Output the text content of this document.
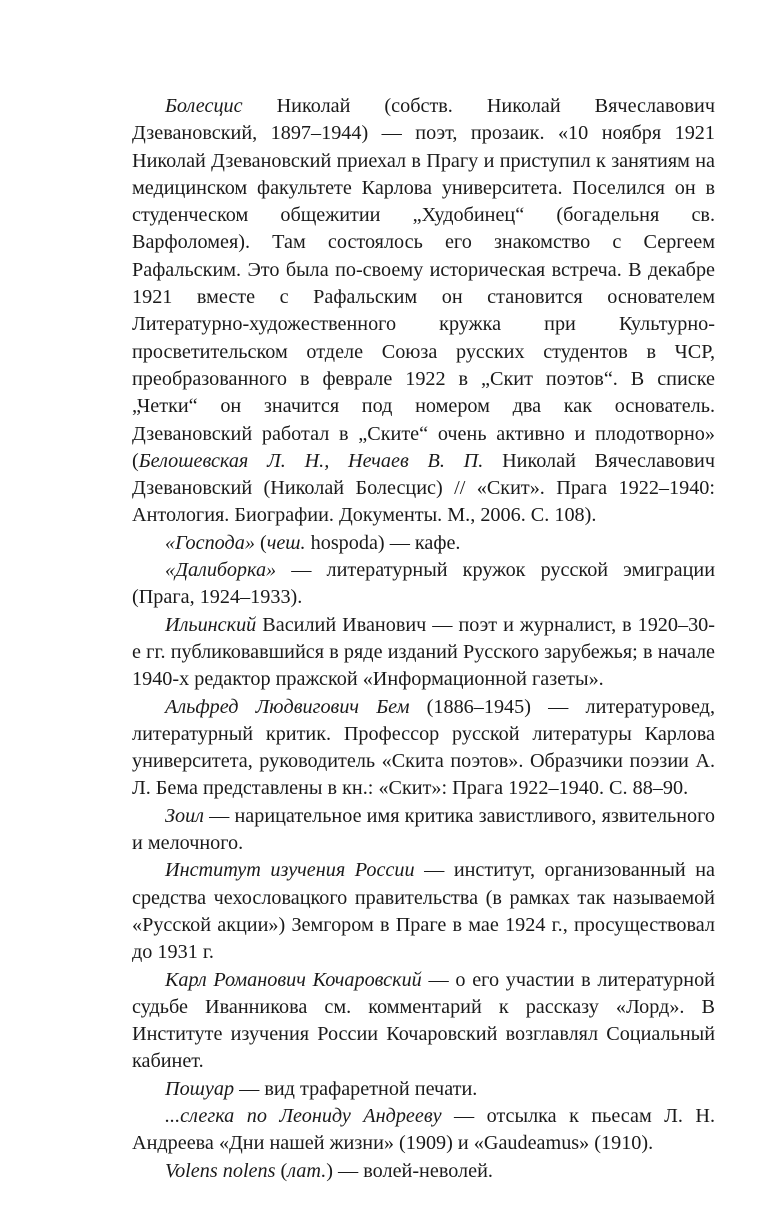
Болесцис Николай (собств. Николай Вячеславович Дзевановский, 1897–1944) — поэт, прозаик. «10 ноября 1921 Николай Дзевановский приехал в Прагу и приступил к занятиям на медицинском факультете Карлова университета. Поселился он в студенческом общежитии „Худобинец“ (богадельня св. Варфоломея). Там состоялось его знакомство с Сергеем Рафальским. Это была по-своему историческая встреча. В декабре 1921 вместе с Рафальским он становится основателем Литературно-художественного кружка при Культурно-просветительском отделе Союза русских студентов в ЧСР, преобразованного в феврале 1922 в „Скит поэтов“. В списке „Четки“ он значится под номером два как основатель. Дзевановский работал в „Ските“ очень активно и плодотворно» (Белошевская Л. Н., Нечаев В. П. Николай Вячеславович Дзевановский (Николай Болесцис) // «Скит». Прага 1922–1940: Антология. Биографии. Документы. М., 2006. С. 108).

«Господа» (чеш. hospoda) — кафе.

«Далиборка» — литературный кружок русской эмиграции (Прага, 1924–1933).

Ильинский Василий Иванович — поэт и журналист, в 1920–30-е гг. публиковавшийся в ряде изданий Русского зарубежья; в начале 1940-х редактор пражской «Информационной газеты».

Альфред Людвигович Бем (1886–1945) — литературовед, литературный критик. Профессор русской литературы Карлова университета, руководитель «Скита поэтов». Образчики поэзии А. Л. Бема представлены в кн.: «Скит»: Прага 1922–1940. С. 88–90.

Зоил — нарицательное имя критика завистливого, язвительного и мелочного.

Институт изучения России — институт, организованный на средства чехословацкого правительства (в рамках так называемой «Русской акции») Земгором в Праге в мае 1924 г., просуществовал до 1931 г.

Карл Романович Кочаровский — о его участии в литературной судьбе Иванникова см. комментарий к рассказу «Лорд». В Институте изучения России Кочаровский возглавлял Социальный кабинет.

Пошуар — вид трафаретной печати.

...слегка по Леониду Андрееву — отсылка к пьесам Л. Н. Андреева «Дни нашей жизни» (1909) и «Gaudeamus» (1910).

Volens nolens (лат.) — волей-неволей.
